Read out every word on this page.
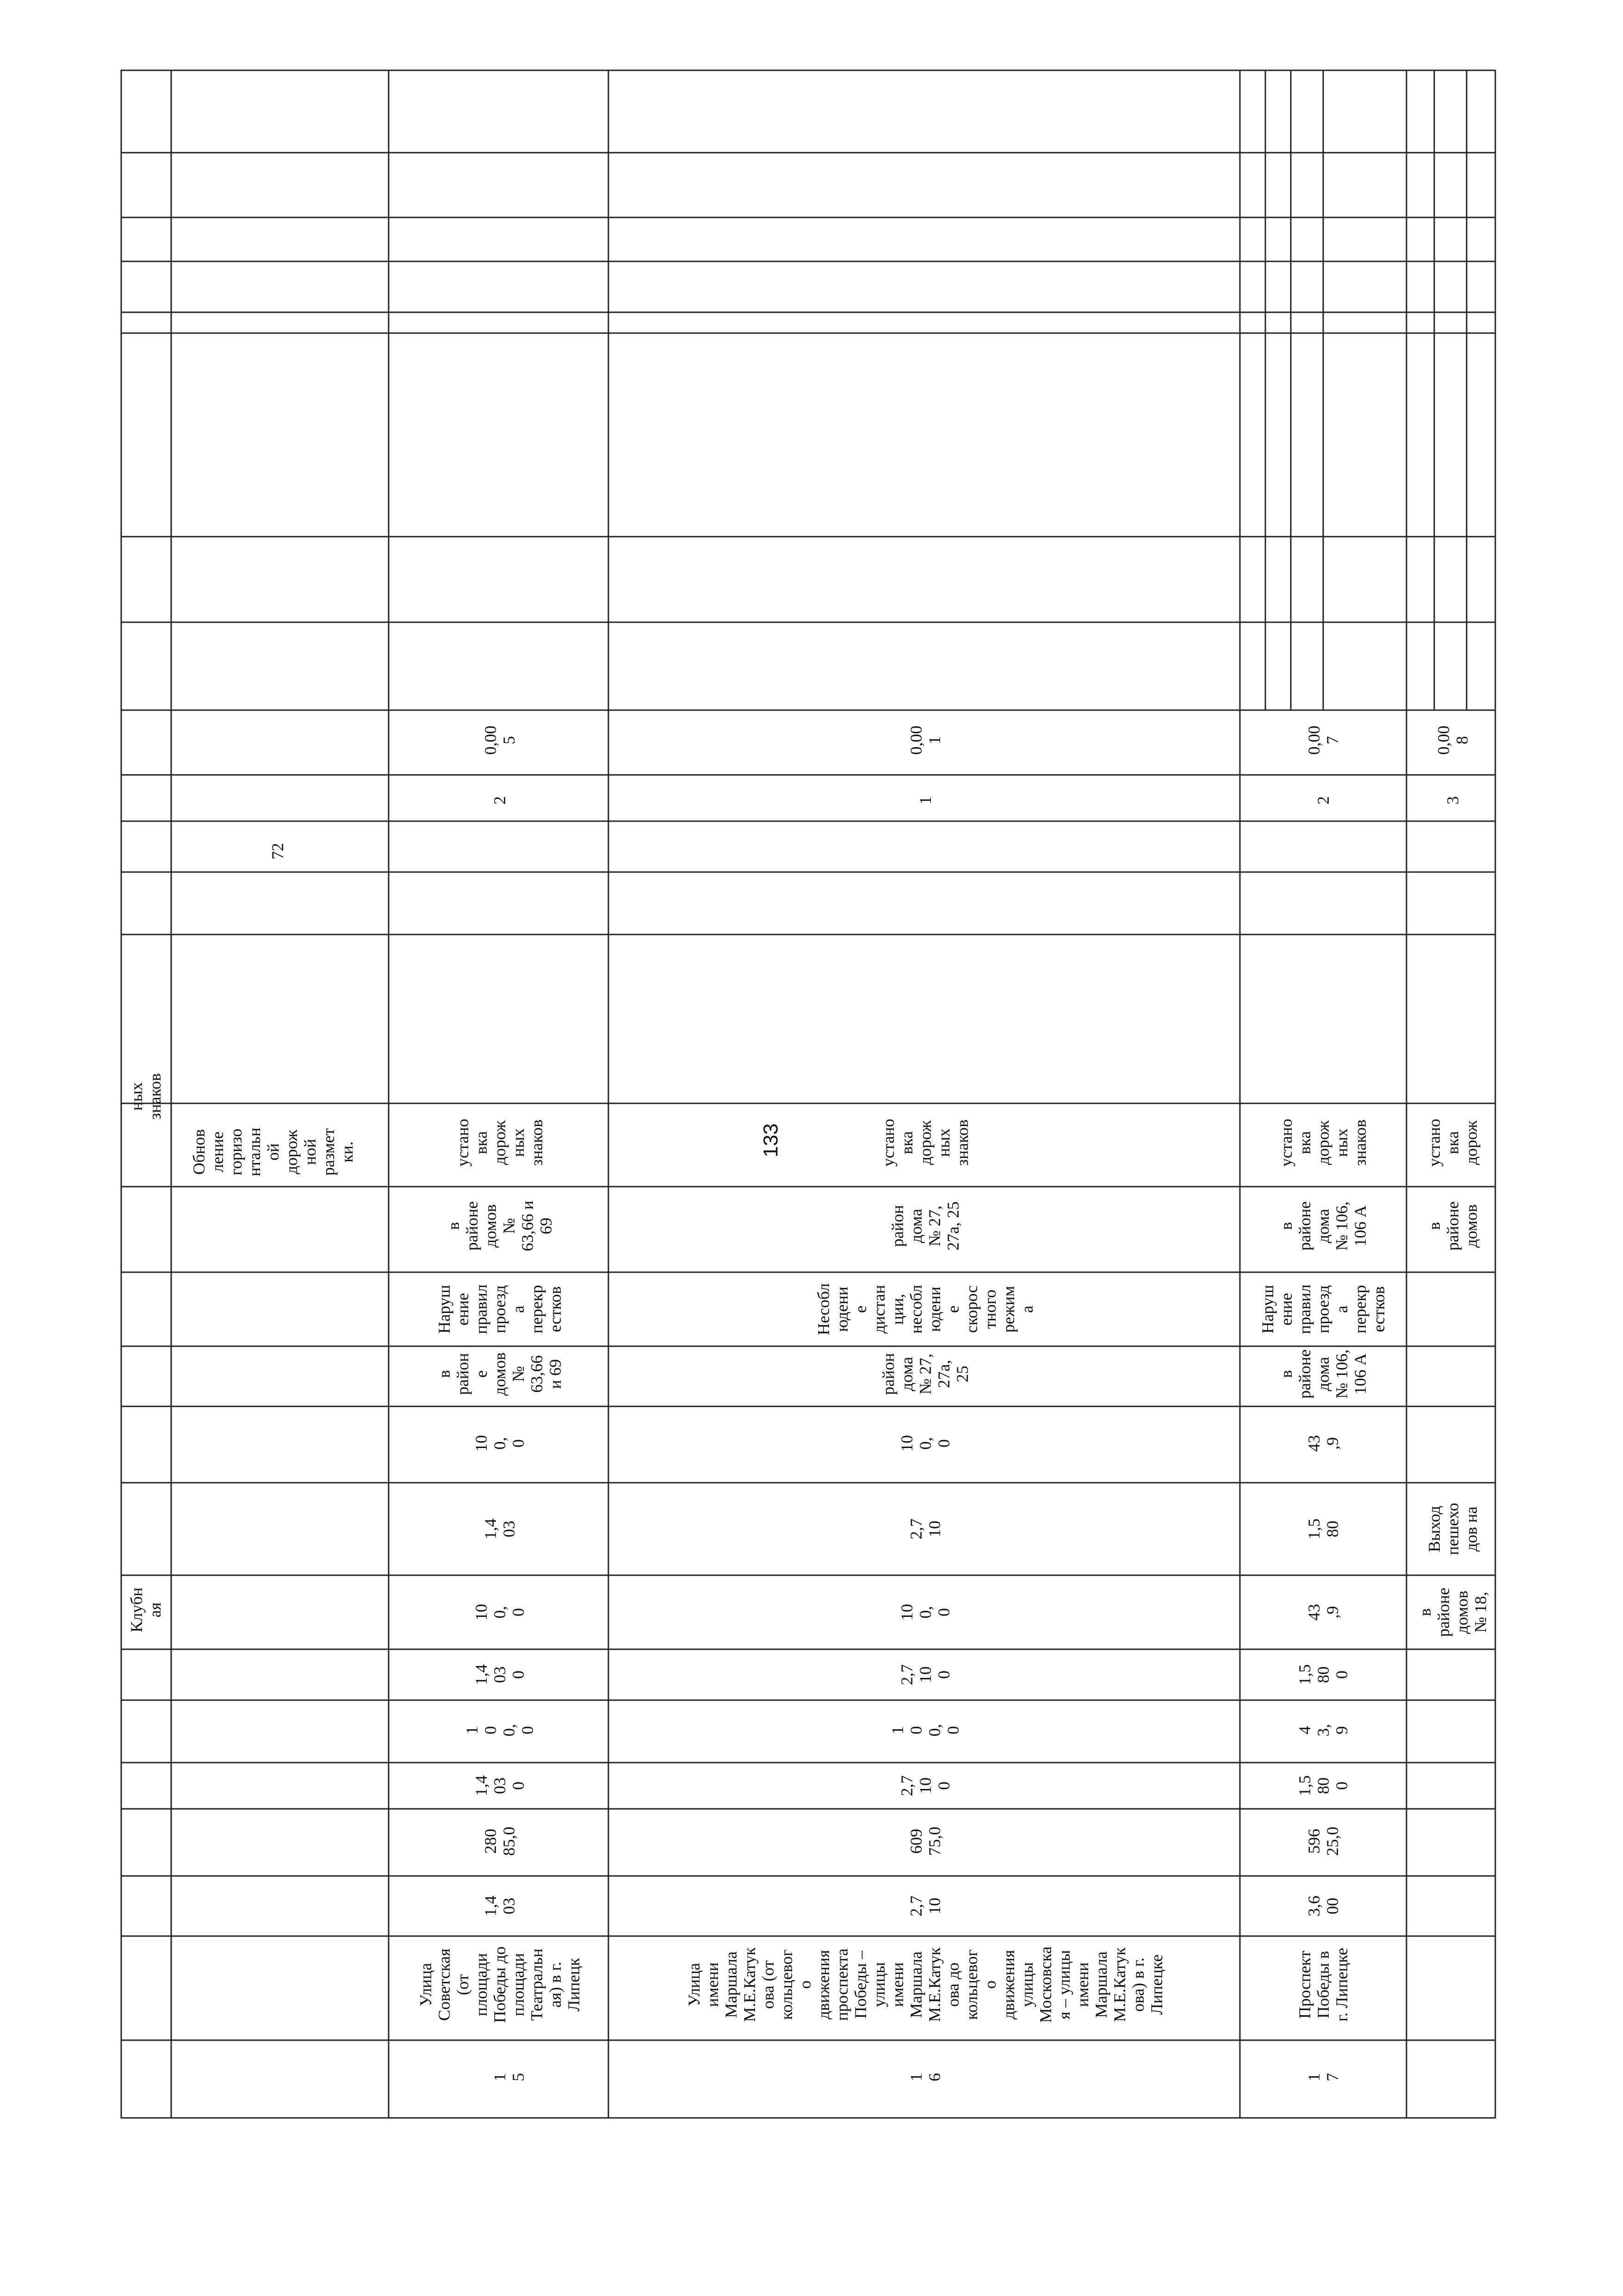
133
Клубн
ая
ных
знаков
Обнов
ление
горизо
нтальн
ой
дорож
ной
размет
ки.
72
1
5
Улица
Советская
(от
площади
Победы до
площади
Театральн
ая) в г.
Липецк
1,4
03
280
85,0
1,4
03
0
1
0
0,
0
1,4
03
0
10
0,
0
1,4
03
10
0,
0
в
район
е
домов
№
63,66
и 69
Наруш
ение
правил
проезд
а
перекр
естков
в
районе
домов
№
63,66 и
69
устано
вка
дорож
ных
знаков
2
0,00
5
1
6
Улица
имени
Маршала
М.Е.Катук
ова (от
кольцевог
о
движения
проспекта
Победы –
улицы
имени
Маршала
М.Е.Катук
ова до
кольцевог
о
движения
улицы
Московска
я – улицы
имени
Маршала
М.Е.Катук
ова) в г.
Липецке
2,7
10
609
75,0
2,7
10
0
1
0
0,
0
2,7
10
0
10
0,
0
2,7
10
10
0,
0
район
дома
№ 27,
27а,
25
Несобл
юдени
е
дистан
ции,
несобл
юдени
е
скорос
тного
режим
а
район
дома
№ 27,
27а, 25
устано
вка
дорож
ных
знаков
1
0,00
1
1
7
Проспект
Победы в
г. Липецке
3,6
00
596
25,0
1,5
80
0
4
3,
9
1,5
80
0
43
,9
1,5
80
43
,9
в
районе
дома
№ 106,
106 А
Наруш
ение
правил
проезд
а
перекр
естков
в
районе
дома
№ 106,
106 А
устано
вка
дорож
ных
знаков
2
0,00
7
в
районе
домов
№ 18,
Выход
пешехо
дов на
в
районе
домов
устано
вка
дорож
3
0,00
8
